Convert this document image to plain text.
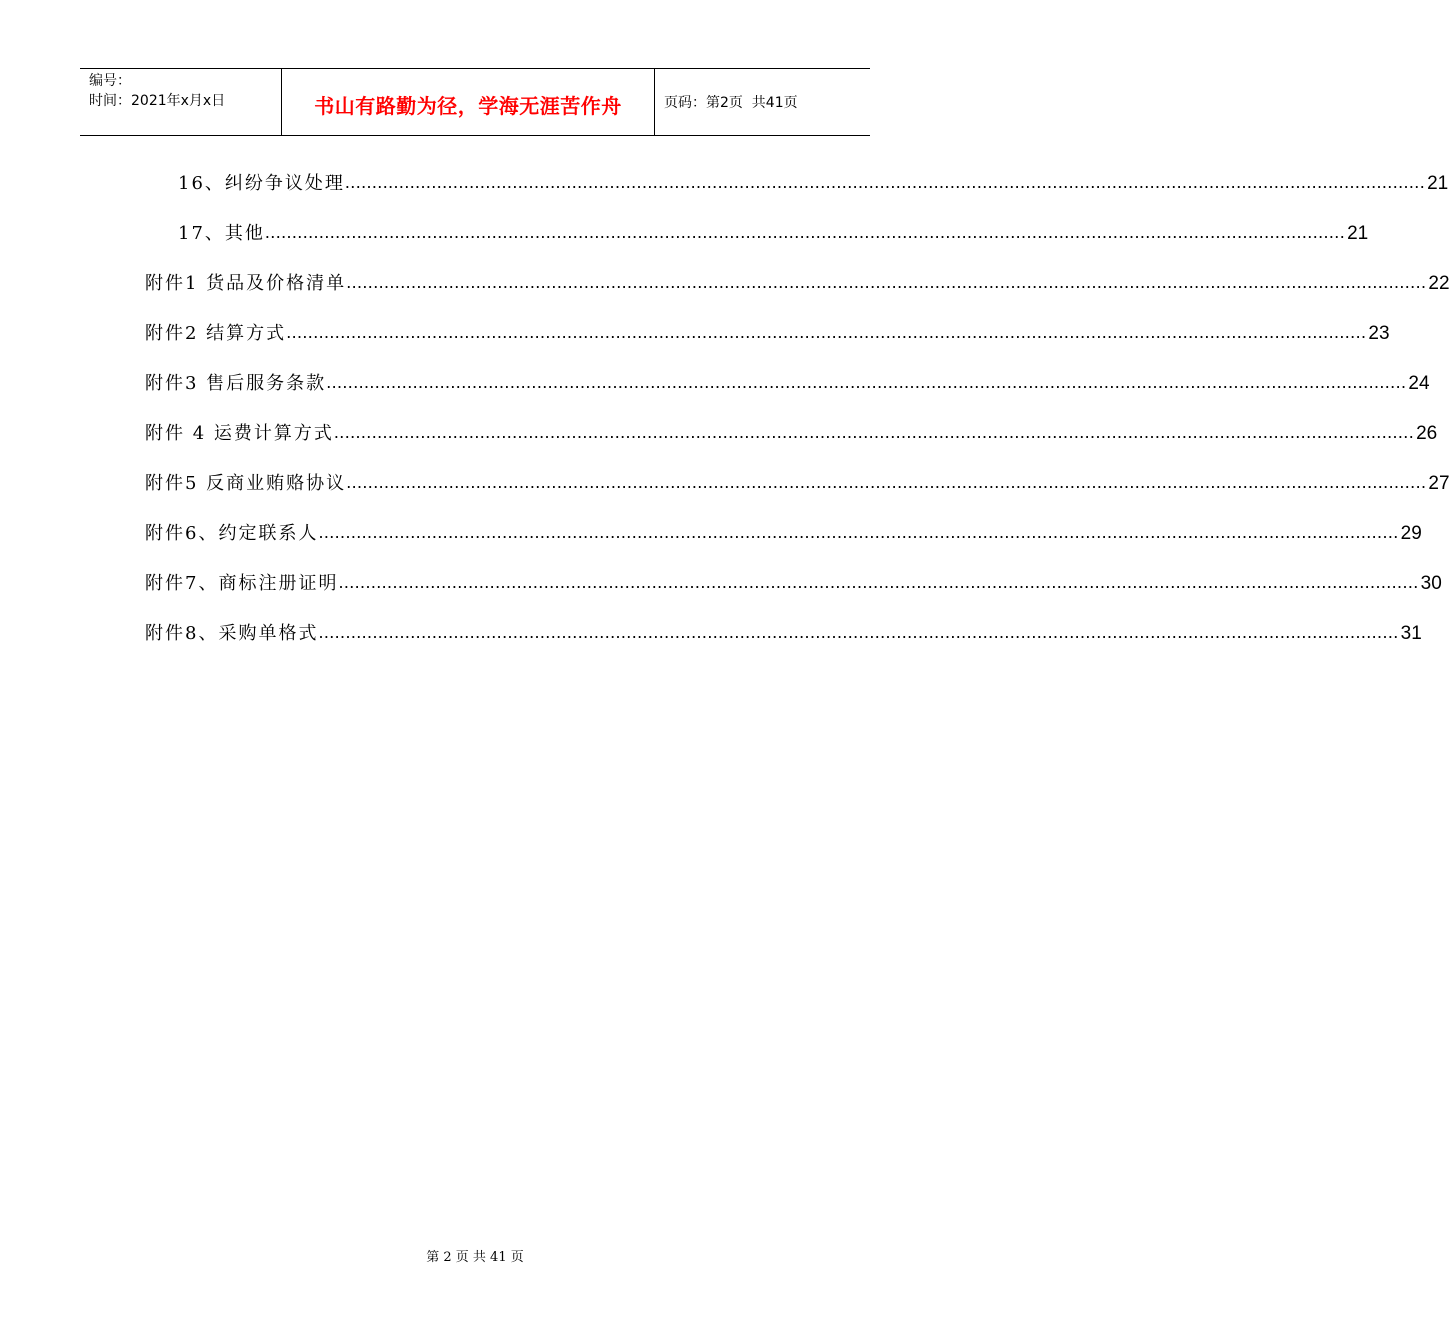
编号：
时间：2021年x月x日	书山有路勤为径，学海无涯苦作舟	页码：第2页  共41页
16、纠纷争议处理 ........................................................................................................................................................................................................ 21
17、其他 ........................................................................................................................................................................................................ 21
附件1 货品及价格清单 ........................................................................................................................................................................................................ 22
附件2 结算方式 ........................................................................................................................................................................................................ 23
附件3 售后服务条款 ........................................................................................................................................................................................................ 24
附件 4 运费计算方式 ........................................................................................................................................................................................................ 26
附件5 反商业贿赂协议 ........................................................................................................................................................................................................ 27
附件6、约定联系人 ........................................................................................................................................................................................................ 29
附件7、商标注册证明 ........................................................................................................................................................................................................ 30
附件8、采购单格式 ........................................................................................................................................................................................................ 31
第 2 页 共 41 页
